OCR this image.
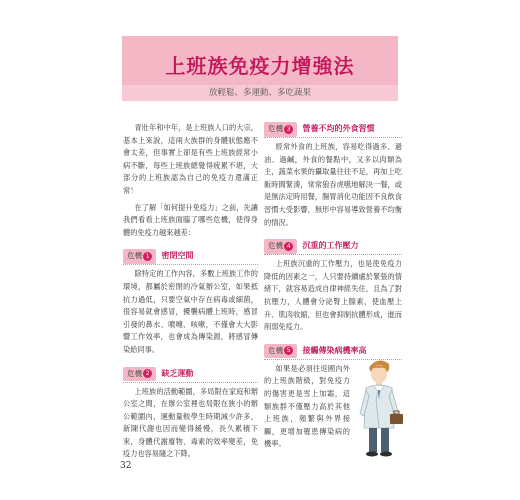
上班族免疫力增強法
放輕鬆、多運動、多吃蔬果

青壯年和中年，是上班族人口的大宗，基本上來說，這兩大族群的身體狀態應不會太差，但事實上卻是有些上班族經常小病不斷，每些上班族總覺得疲累不堪，大部分的上班族認為自己的免疫力還滿正常！

在了解「如何提升免疫力」之前，先讓我們看看上班族面臨了哪些危機，使得身體的免疫力越來越差：

危機 1 密閉空間

除特定的工作內容，多數上班族工作的環境，都屬於密閉的冷氣辦公室，如果抵抗力過低，只要空氣中存在病毒或細菌，很容易就會感冒，擾襲病體上班時，感冒引發的鼻水、噴嚏、咳嗽，不僅會大大影響工作效率，也會成為傳染源，將感冒傳染給同事。

危機 2 缺乏運動

上班族的活動範圍，多局限在家庭和辦公室之間，在辦公室裡也局限在狹小的辦公範圍內，運動量較學生時期減少許多，新陳代謝也因而變得緩慢，長久累積下來，身體代謝廢物、毒素的效率變差，免疫力也容易隨之下降。

危機 3 營養不均的外食習慣

經常外食的上班族，容易吃得過多、過油、過鹹，外食的餐點中，又多以肉類為主，蔬菜水果的攝取量往往不足，再加上吃飯時間緊湊，常常狼吞虎嚥地解決一餐，或是無法定時用餐，腸胃消化功能因不良飲食習慣大受影響，無形中容易導致營養不均衡的情況。

危機 4 沉重的工作壓力

上班族沉重的工作壓力，也是使免疫力降低的因素之一，人只要持續處於緊張的情緒下，就容易造成自律神經失住，且為了對抗壓力，人體會分泌腎上腺素，使血壓上升、肌肉收縮，但也會抑制抗體形成，進而削弱免疫力。

危機 5 接觸傳染病機率高

如果是必須往返國內外的上班族階級，對免疫力的傷害更是雪上加霜，這類族群不僅壓力高於其他上班族，頻繁與外界接觸，更增加罹患傳染病的機率。

32
